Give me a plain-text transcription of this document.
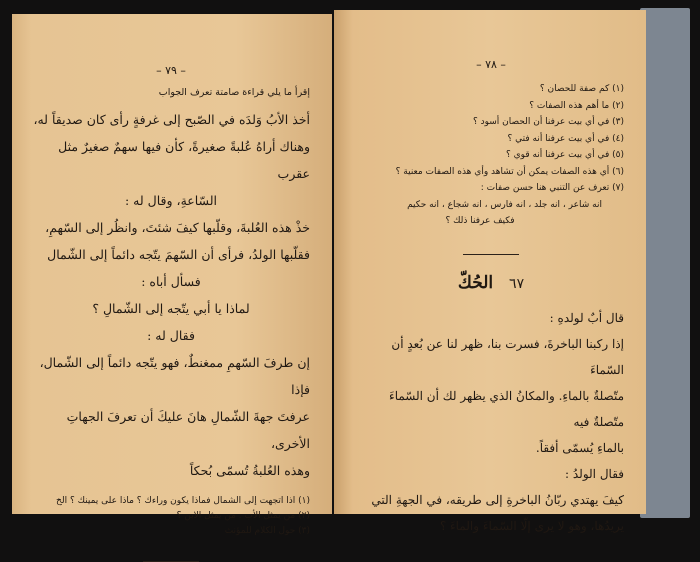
– ٧٩ –
إقرأ ما يلي قراءة صامتة تعرف الجواب

أخذ الأبُ وَلدَه في الصّبح إلى غرفةٍ رأى كان صديقاً له،

وهناك أراهُ عُلبةً صغيرةً، كأن فيها سهمٌ صغيرٌ مثل عقرب

السّاعةِ، وقال له :

خذْ هذه العُلبةَ، وقلّبها كيفَ شئتَ، وانظُر إلى السّهمِ،

فقلّبها الولدُ، فرأى أن السّهمَ يتّجه دائماً إلى الشّمال

فسأل أباه :

لماذا يا أبي يتّجه إلى الشّمالِ ؟

فقال له :

إن طرفَ السّهمِ ممغنطٌ، فهو يتّجه دائماً إلى الشّمال، فإذا

عرفتَ جهةَ الشّمالِ هانَ عليكَ أن تعرفَ الجهاتِ الأخرى،

وهذه العُلبةُ تُسمّى بُحكاً

(١) اذا اتجهت إلى الشمال فماذا يكون وراءك ؟ ماذا على يمينك ؟ الخ

(٢) من يمثل الأب . من يمثل الابن ؟

(٣) حول الكلام للمؤنث

– ٧٨ –

(١) كم صفة للحصان ؟

(٢) ما أهم هذه الصفات ؟

(٣) في أي بيت عرفنا أن الحصان أسود ؟

(٤) في أي بيت عرفنا أنه فتي ؟

(٥) في أي بيت عرفنا أنه قوي ؟

(٦) أي هذه الصفات يمكن أن تشاهد وأي هذه الصفات معنية ؟

(٧) تعرف عن التنبي هنا حسن صفات :

انه شاعر ، انه جلد ، انه فارس ، انه شجاع ، انه حكيم

فكيف عرفنا ذلك ؟

٦٧ الحُكّ

قال أبٌ لولدهِ :

إذا ركبنا الباخرةَ، فسرت بنا، ظهر لنا عن بُعدٍ أن السّماءَ

متّصلةٌ بالماءِ. والمكانُ الذي يظهر لك أن السّماءَ متّصلةٌ فيه

بالماءِ يُسمّى أفقاً.

فقال الولدُ :

كيفَ يهتدي ربّانُ الباخرةِ إلى طريقه، في الجهةِ التي

يريدُها، وهو لا يرى إلّا السّماءَ والماءَ ؟
